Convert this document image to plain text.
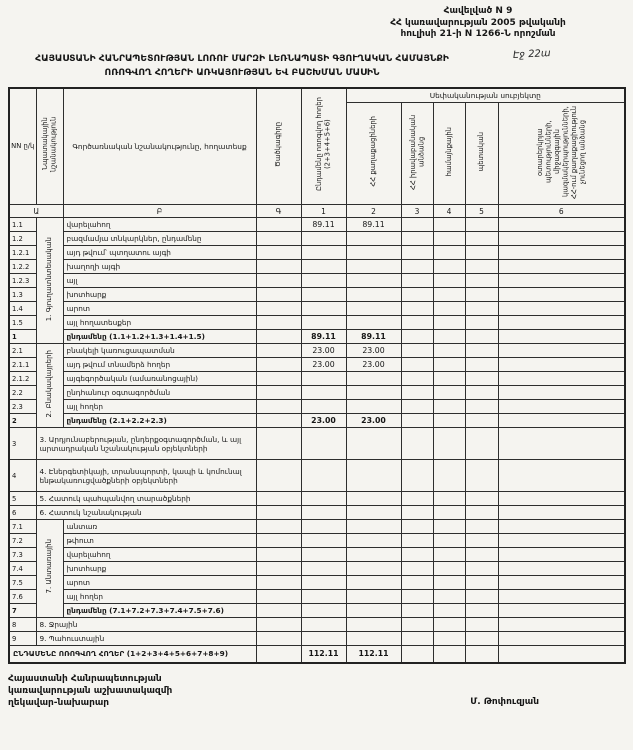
Հավելված N 9
ՀՀ կառավարության 2005 թվականի
հուլիսի 21-ի N 1266-Ն որոշման
Էջ 22ա
ՀԱՅԱՍՏԱՆԻ ՀԱՆՐԱՊԵՏՈՒԹՅԱՆ ԼՈՌՈՒ ՄԱՐԶԻ ԼԵՌՆԱՊԱՏԻ ԳՅՈՒՂԱԿԱՆ ՀԱՄԱՅՆՔԻ
ՈՌՈԳՎՈՂ ՀՈՂԵՐԻ ԱՌԿԱՅՈՒԹՅԱՆ ԵՎ ԲԱՇԽՄԱՆ ՄԱՍԻՆ
NN ը/կ	Նպատակային նշանակություն	Գործառնական նշանակությունը, հողատեսք	Ծածկագիրը	Ընդամենը ոռոգվող հողեր (2+3+4+5+6)	Սեփականության սուբյեկտը				
					ՀՀ քաղաքացիների	ՀՀ իրավաբանական անձանց	համայնքային	պետական	օտարերկրյա պետությունների, միջազգային կազմակերպությունների, ՀՀ-ում քաղաքացիություն չունեցող անձանց
Ա		Բ	Գ	1	2	3	4	5	6
1.1	1. Գյուղատնտեսական	վարելահող		89.11	89.11				
1.2		բազմամյա տնկարկներ, ընդամենը							
1.2.1		այդ թվում՝ պտղատու այգի							
1.2.2		խաղողի այգի							
1.2.3		այլ							
1.3		խոտհարք							
1.4		արոտ							
1.5		այլ հողատեսքեր							
1		ընդամենը (1.1+1.2+1.3+1.4+1.5)		89.11	89.11				
2.1	2. Բնակավայրերի	բնակելի կառուցապատման		23.00	23.00				
2.1.1		այդ թվում տնամերձ հողեր		23.00	23.00				
2.1.2		այգեգործական (ամառանոցային)							
2.2		ընդհանուր օգտագործման							
2.3		այլ հողեր							
2		ընդամենը (2.1+2.2+2.3)		23.00	23.00				
3	3. Արդյունաբերության, ընդերքօգտագործման, և այլ արտադրական նշանակության օբյեկտների								
4	4. Էներգետիկայի, տրանսպորտի, կապի և կոմունալ ենթակառուցվածքների օբյեկտների								
5	5. Հատուկ պահպանվող տարածքների								
6	6. Հատուկ նշանակության								
7.1	7. Անտառային	անտառ							
7.2		թփուտ							
7.3		վարելահող							
7.4		խոտհարք							
7.5		արոտ							
7.6		այլ հողեր							
7		ընդամենը (7.1+7.2+7.3+7.4+7.5+7.6)							
8	8. Ջրային								
9	9. Պահուստային								
ԸՆԴԱՄԵՆԸ ՈՌՈԳՎՈՂ ՀՈՂԵՐ (1+2+3+4+5+6+7+8+9)				112.11	112.11				
Հայաստանի Հանրապետության
կառավարության աշխատակազմի
ղեկավար-նախարար	Մ. Թոփուզյան
